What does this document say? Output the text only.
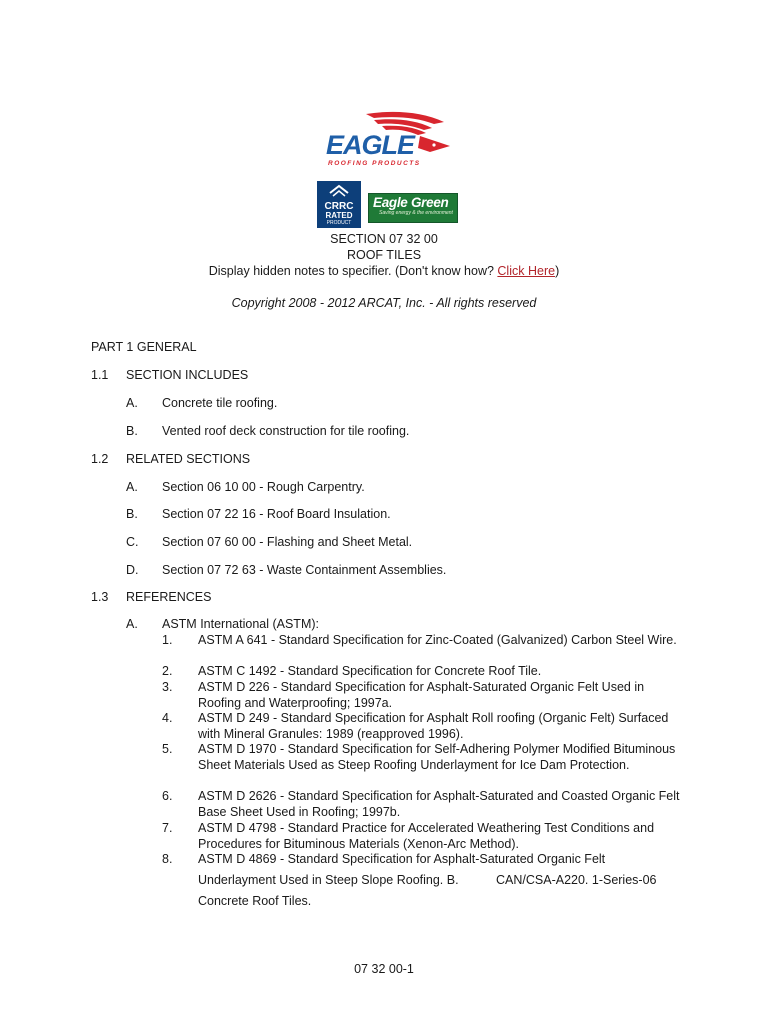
EAGLE
ROOFING PRODUCTS
CRRC
RATED
PRODUCT
Eagle Green
Saving energy & the environment
SECTION 07 32 00
ROOF TILES
Display hidden notes to specifier. (Don't know how? Click Here)
Copyright 2008 - 2012 ARCAT, Inc. - All rights reserved
PART 1 GENERAL
1.1 SECTION INCLUDES
A. Concrete tile roofing.
B. Vented roof deck construction for tile roofing.
1.2 RELATED SECTIONS
A. Section 06 10 00 - Rough Carpentry.
B. Section 07 22 16 - Roof Board Insulation.
C. Section 07 60 00 - Flashing and Sheet Metal.
D. Section 07 72 63 - Waste Containment Assemblies.
1.3 REFERENCES
A. ASTM International (ASTM):
1. ASTM A 641 - Standard Specification for Zinc-Coated (Galvanized) Carbon Steel Wire.
2. ASTM C 1492 - Standard Specification for Concrete Roof Tile.
3. ASTM D 226 - Standard Specification for Asphalt-Saturated Organic Felt Used in Roofing and Waterproofing; 1997a.
4. ASTM D 249 - Standard Specification for Asphalt Roll roofing (Organic Felt) Surfaced with Mineral Granules: 1989 (reapproved 1996).
5. ASTM D 1970 - Standard Specification for Self-Adhering Polymer Modified Bituminous Sheet Materials Used as Steep Roofing Underlayment for Ice Dam Protection.
6. ASTM D 2626 - Standard Specification for Asphalt-Saturated and Coasted Organic Felt Base Sheet Used in Roofing; 1997b.
7. ASTM D 4798 - Standard Practice for Accelerated Weathering Test Conditions and Procedures for Bituminous Materials (Xenon-Arc Method).
8. ASTM D 4869 - Standard Specification for Asphalt-Saturated Organic Felt
Underlayment Used in Steep Slope Roofing. B.	CAN/CSA-A220. 1-Series-06
Concrete Roof Tiles.
07 32 00-1
